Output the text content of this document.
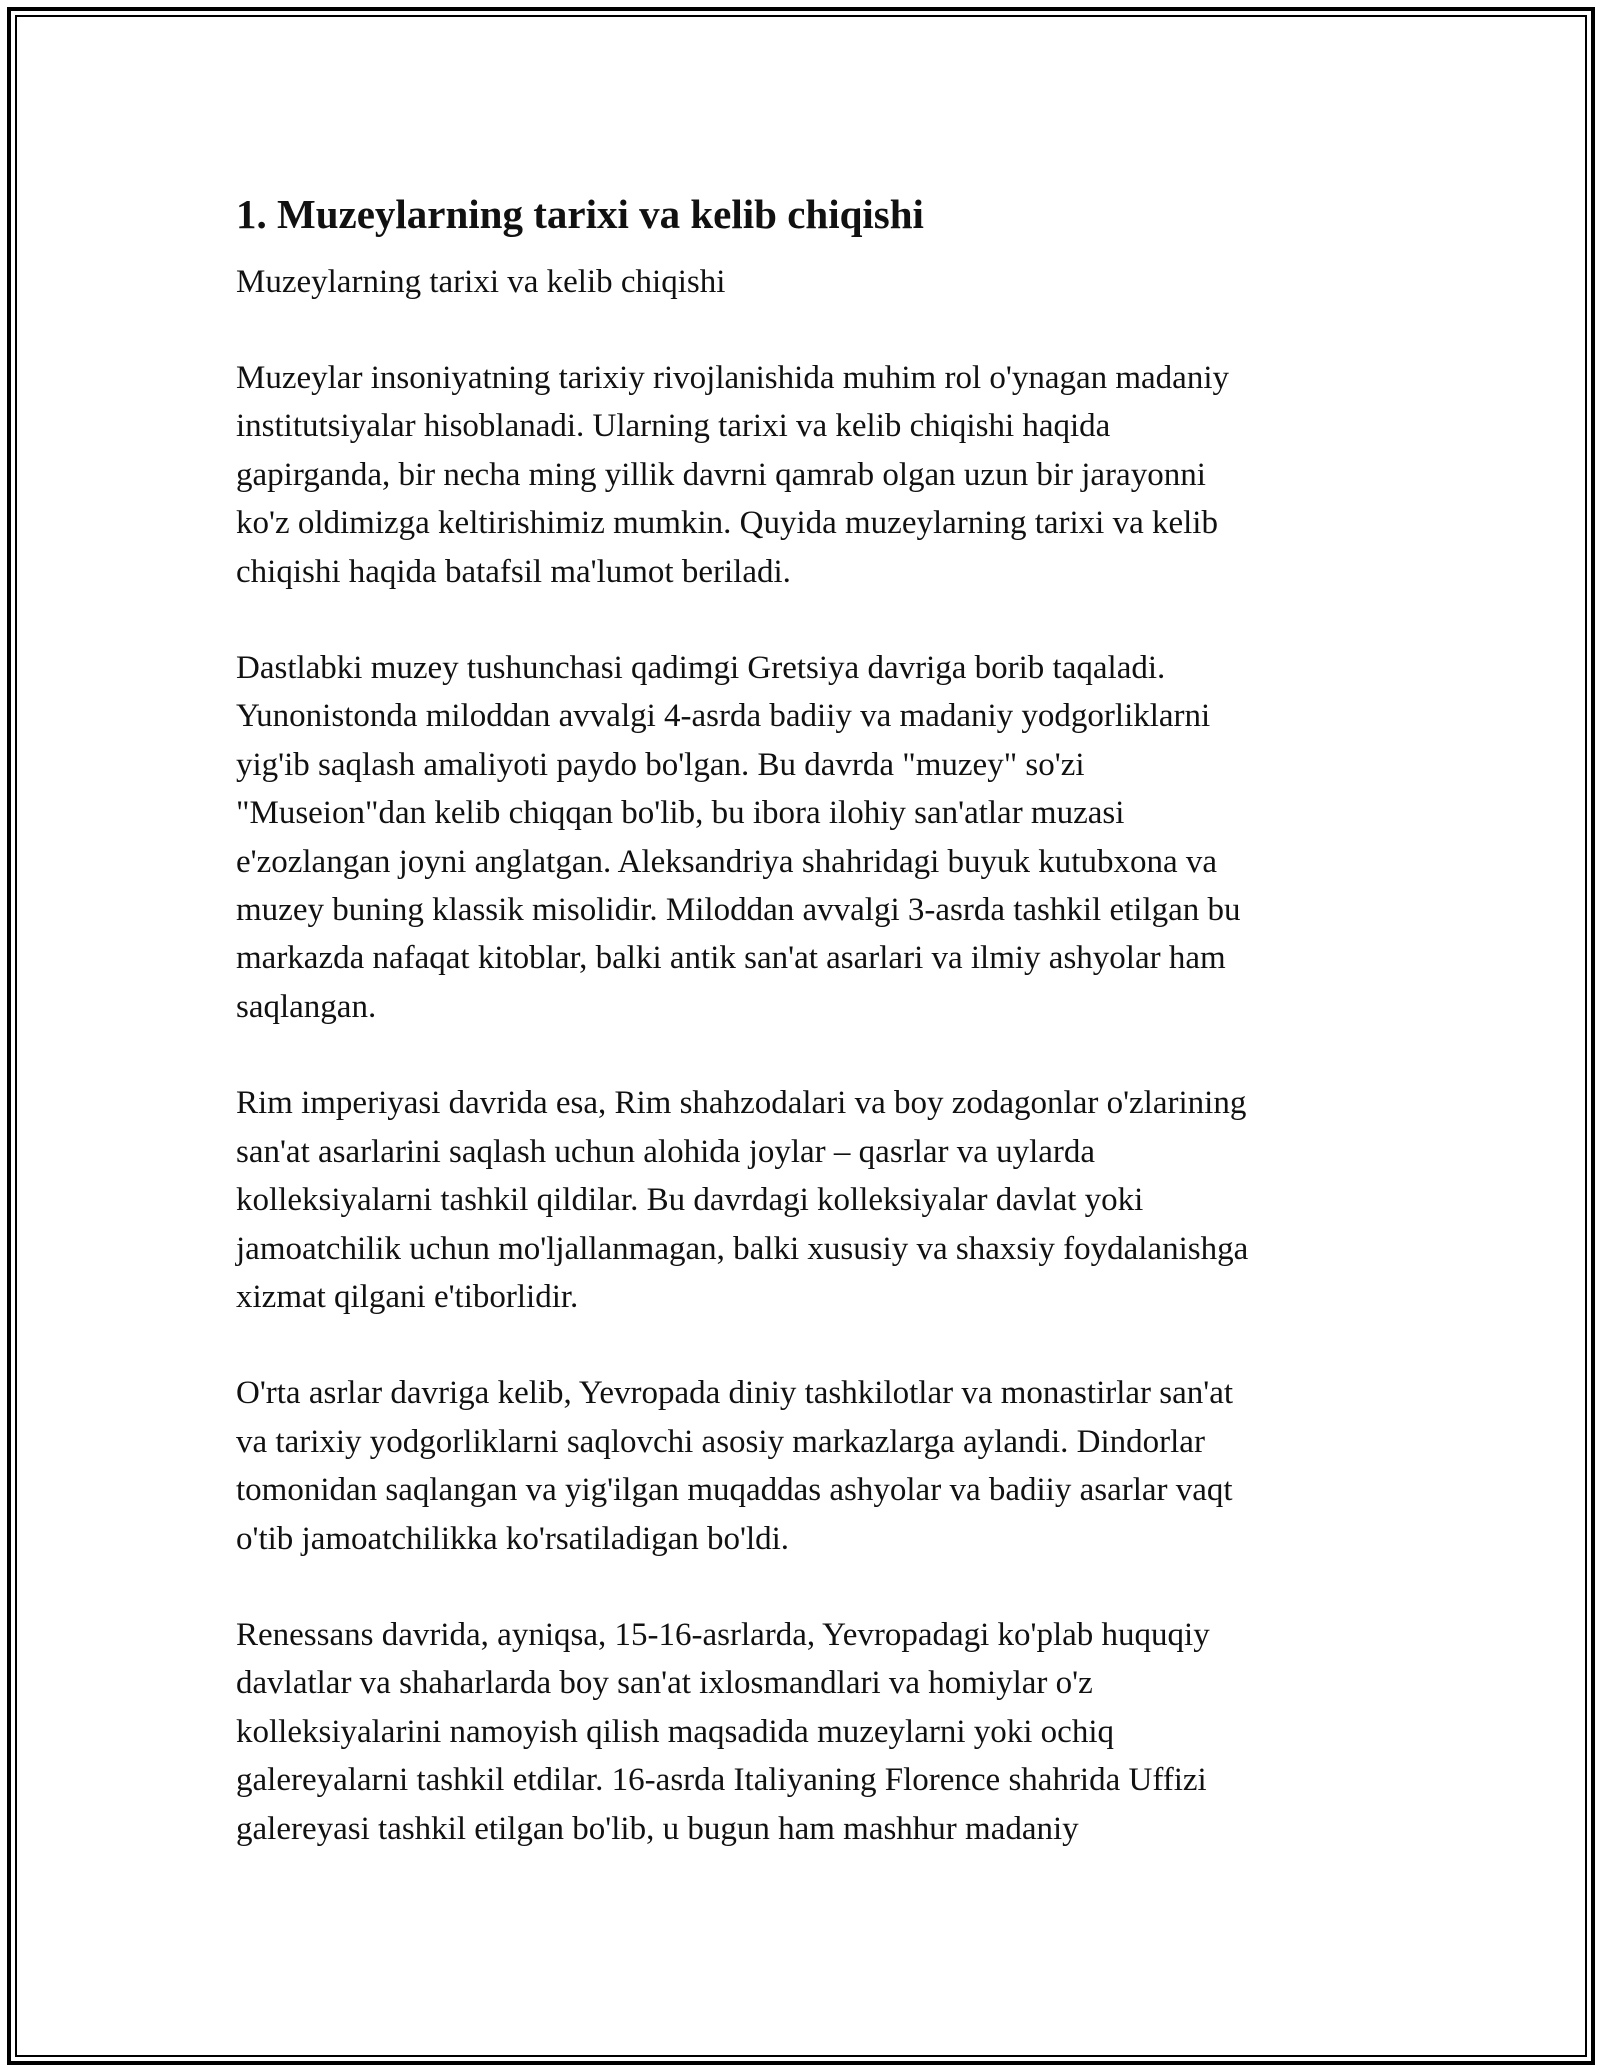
1. Muzeylarning tarixi va kelib chiqishi
Muzeylarning tarixi va kelib chiqishi
Muzeylar insoniyatning tarixiy rivojlanishida muhim rol o'ynagan madaniy
institutsiyalar hisoblanadi. Ularning tarixi va kelib chiqishi haqida
gapirganda, bir necha ming yillik davrni qamrab olgan uzun bir jarayonni
ko'z oldimizga keltirishimiz mumkin. Quyida muzeylarning tarixi va kelib
chiqishi haqida batafsil ma'lumot beriladi.
Dastlabki muzey tushunchasi qadimgi Gretsiya davriga borib taqaladi.
Yunonistonda miloddan avvalgi 4-asrda badiiy va madaniy yodgorliklarni
yig'ib saqlash amaliyoti paydo bo'lgan. Bu davrda "muzey" so'zi
"Museion"dan kelib chiqqan bo'lib, bu ibora ilohiy san'atlar muzasi
e'zozlangan joyni anglatgan. Aleksandriya shahridagi buyuk kutubxona va
muzey buning klassik misolidir. Miloddan avvalgi 3-asrda tashkil etilgan bu
markazda nafaqat kitoblar, balki antik san'at asarlari va ilmiy ashyolar ham
saqlangan.
Rim imperiyasi davrida esa, Rim shahzodalari va boy zodagonlar o'zlarining
san'at asarlarini saqlash uchun alohida joylar – qasrlar va uylarda
kolleksiyalarni tashkil qildilar. Bu davrdagi kolleksiyalar davlat yoki
jamoatchilik uchun mo'ljallanmagan, balki xususiy va shaxsiy foydalanishga
xizmat qilgani e'tiborlidir.
O'rta asrlar davriga kelib, Yevropada diniy tashkilotlar va monastirlar san'at
va tarixiy yodgorliklarni saqlovchi asosiy markazlarga aylandi. Dindorlar
tomonidan saqlangan va yig'ilgan muqaddas ashyolar va badiiy asarlar vaqt
o'tib jamoatchilikka ko'rsatiladigan bo'ldi.
Renessans davrida, ayniqsa, 15-16-asrlarda, Yevropadagi ko'plab huquqiy
davlatlar va shaharlarda boy san'at ixlosmandlari va homiylar o'z
kolleksiyalarini namoyish qilish maqsadida muzeylarni yoki ochiq
galereyalarni tashkil etdilar. 16-asrda Italiyaning Florence shahrida Uffizi
galereyasi tashkil etilgan bo'lib, u bugun ham mashhur madaniy
